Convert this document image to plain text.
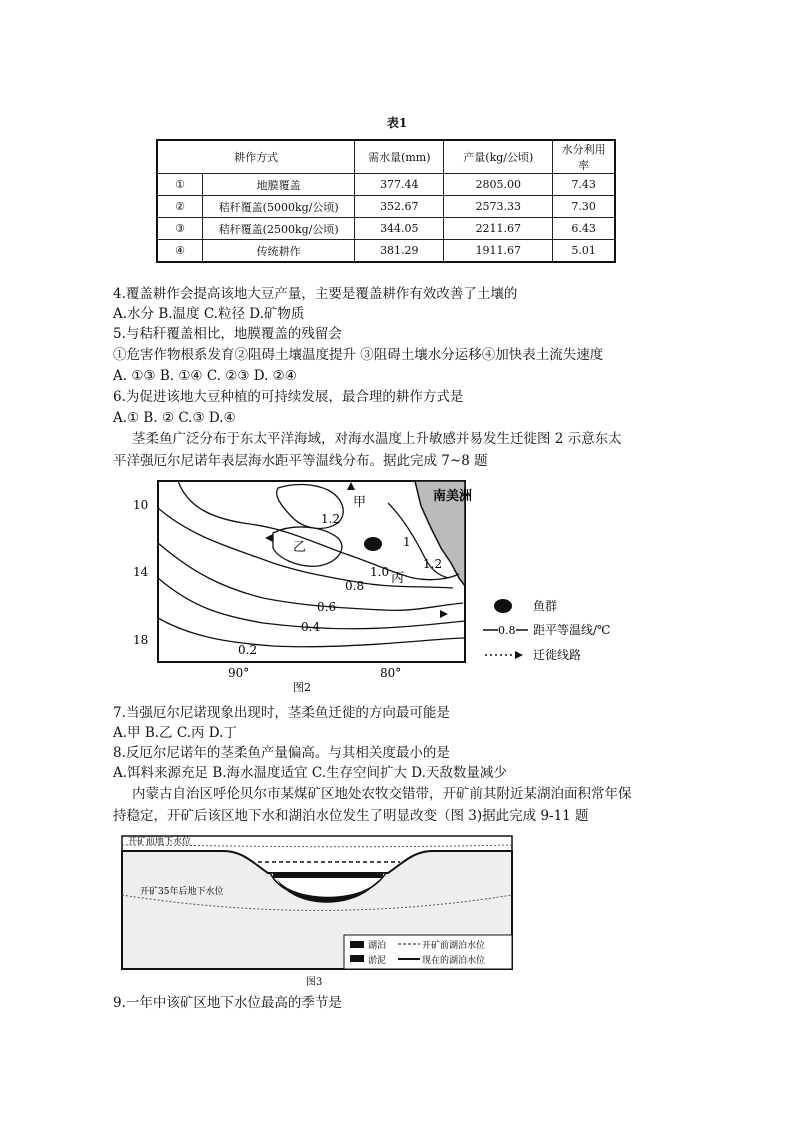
表1
耕作方式		需水量(mm)	产量(kg/公顷)	水分利用率
①	地膜覆盖	377.44	2805.00	7.43
②	秸秆覆盖(5000kg/公顷)	352.67	2573.33	7.30
③	秸秆覆盖(2500kg/公顷)	344.05	2211.67	6.43
④	传统耕作	381.29	1911.67	5.01
4.覆盖耕作会提高该地大豆产量，主要是覆盖耕作有效改善了土壤的
A.水分 B.温度 C.粒径 D.矿物质
5.与秸秆覆盖相比，地膜覆盖的残留会
①危害作物根系发育②阻碍土壤温度提升 ③阻碍土壤水分运移④加快表土流失速度
A. ①③ B. ①④ C. ②③ D. ②④
6.为促进该地大豆种植的可持续发展，最合理的耕作方式是
A.① B. ② C.③ D.④
茎柔鱼广泛分布于东太平洋海域，对海水温度上升敏感并易发生迁徙图 2 示意东太
平洋强厄尔尼诺年表层海水距平等温线分布。据此完成 7~8 题
10
14
18
90°	80°
1.2
1
1.0
0.8
0.6
0.4
0.2
1.2
甲
乙
丙
南美洲
鱼群
0.8 距平等温线/℃
迁徙线路
图2
7.当强厄尔尼诺现象出现时，茎柔鱼迁徙的方向最可能是
A.甲 B.乙 C.丙 D.丁
8.反厄尔尼诺年的茎柔鱼产量偏高。与其相关度最小的是
A.饵料来源充足 B.海水温度适宜 C.生存空间扩大 D.天敌数量减少
内蒙古自治区呼伦贝尔市某煤矿区地处农牧交错带，开矿前其附近某湖泊面积常年保
持稳定，开矿后该区地下水和湖泊水位发生了明显改变（图 3)据此完成 9-11 题
开矿前地下水位
开矿35年后地下水位
湖泊	开矿前湖泊水位
淤泥	现在的湖泊水位
图3
9.一年中该矿区地下水位最高的季节是
